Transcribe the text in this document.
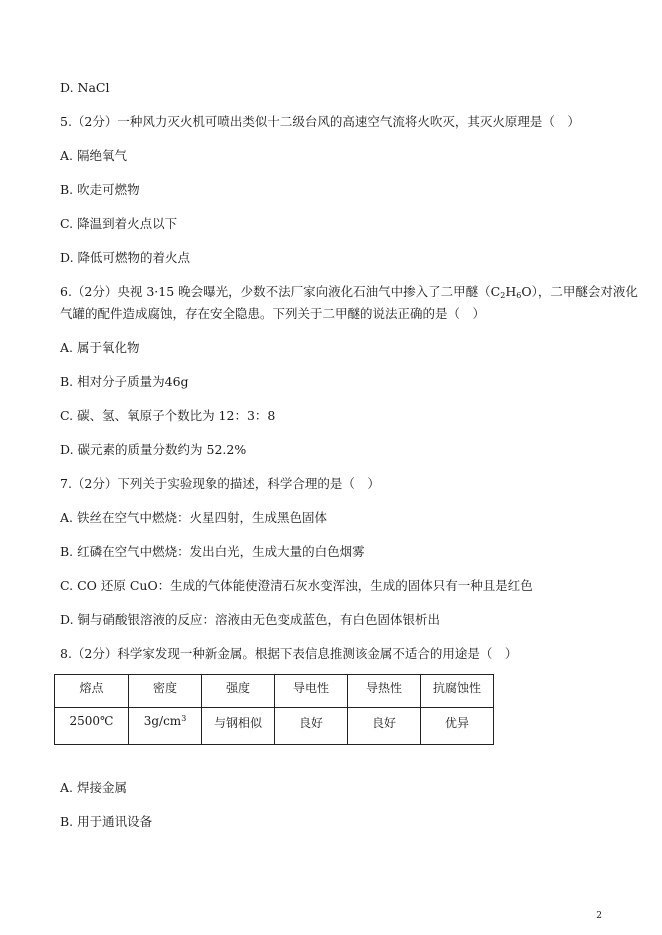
D. NaCl
5.（2分）一种风力灭火机可喷出类似十二级台风的高速空气流将火吹灭，其灭火原理是（　）
A. 隔绝氧气
B. 吹走可燃物
C. 降温到着火点以下
D. 降低可燃物的着火点
6.（2分）央视 3·15 晚会曝光，少数不法厂家向液化石油气中掺入了二甲醚$(C_2H_6O)$，二甲醚会对液化
气罐的配件造成腐蚀，存在安全隐患。下列关于二甲醚的说法正确的是（　）
A. 属于氧化物
B. 相对分子质量为46g
C. 碳、氢、氧原子个数比为 12：3：8
D. 碳元素的质量分数约为 52.2%
7.（2分）下列关于实验现象的描述，科学合理的是（　）
A. 铁丝在空气中燃烧：火星四射，生成黑色固体
B. 红磷在空气中燃烧：发出白光，生成大量的白色烟雾
C. CO 还原 CuO：生成的气体能使澄清石灰水变浑浊，生成的固体只有一种且是红色
D. 铜与硝酸银溶液的反应：溶液由无色变成蓝色，有白色固体银析出
8.（2分）科学家发现一种新金属。根据下表信息推测该金属不适合的用途是（　）
熔点	密度	强度	导电性	导热性	抗腐蚀性
2500℃	$3g/cm^3$	与钢相似	良好	良好	优异
A. 焊接金属
B. 用于通讯设备
2
